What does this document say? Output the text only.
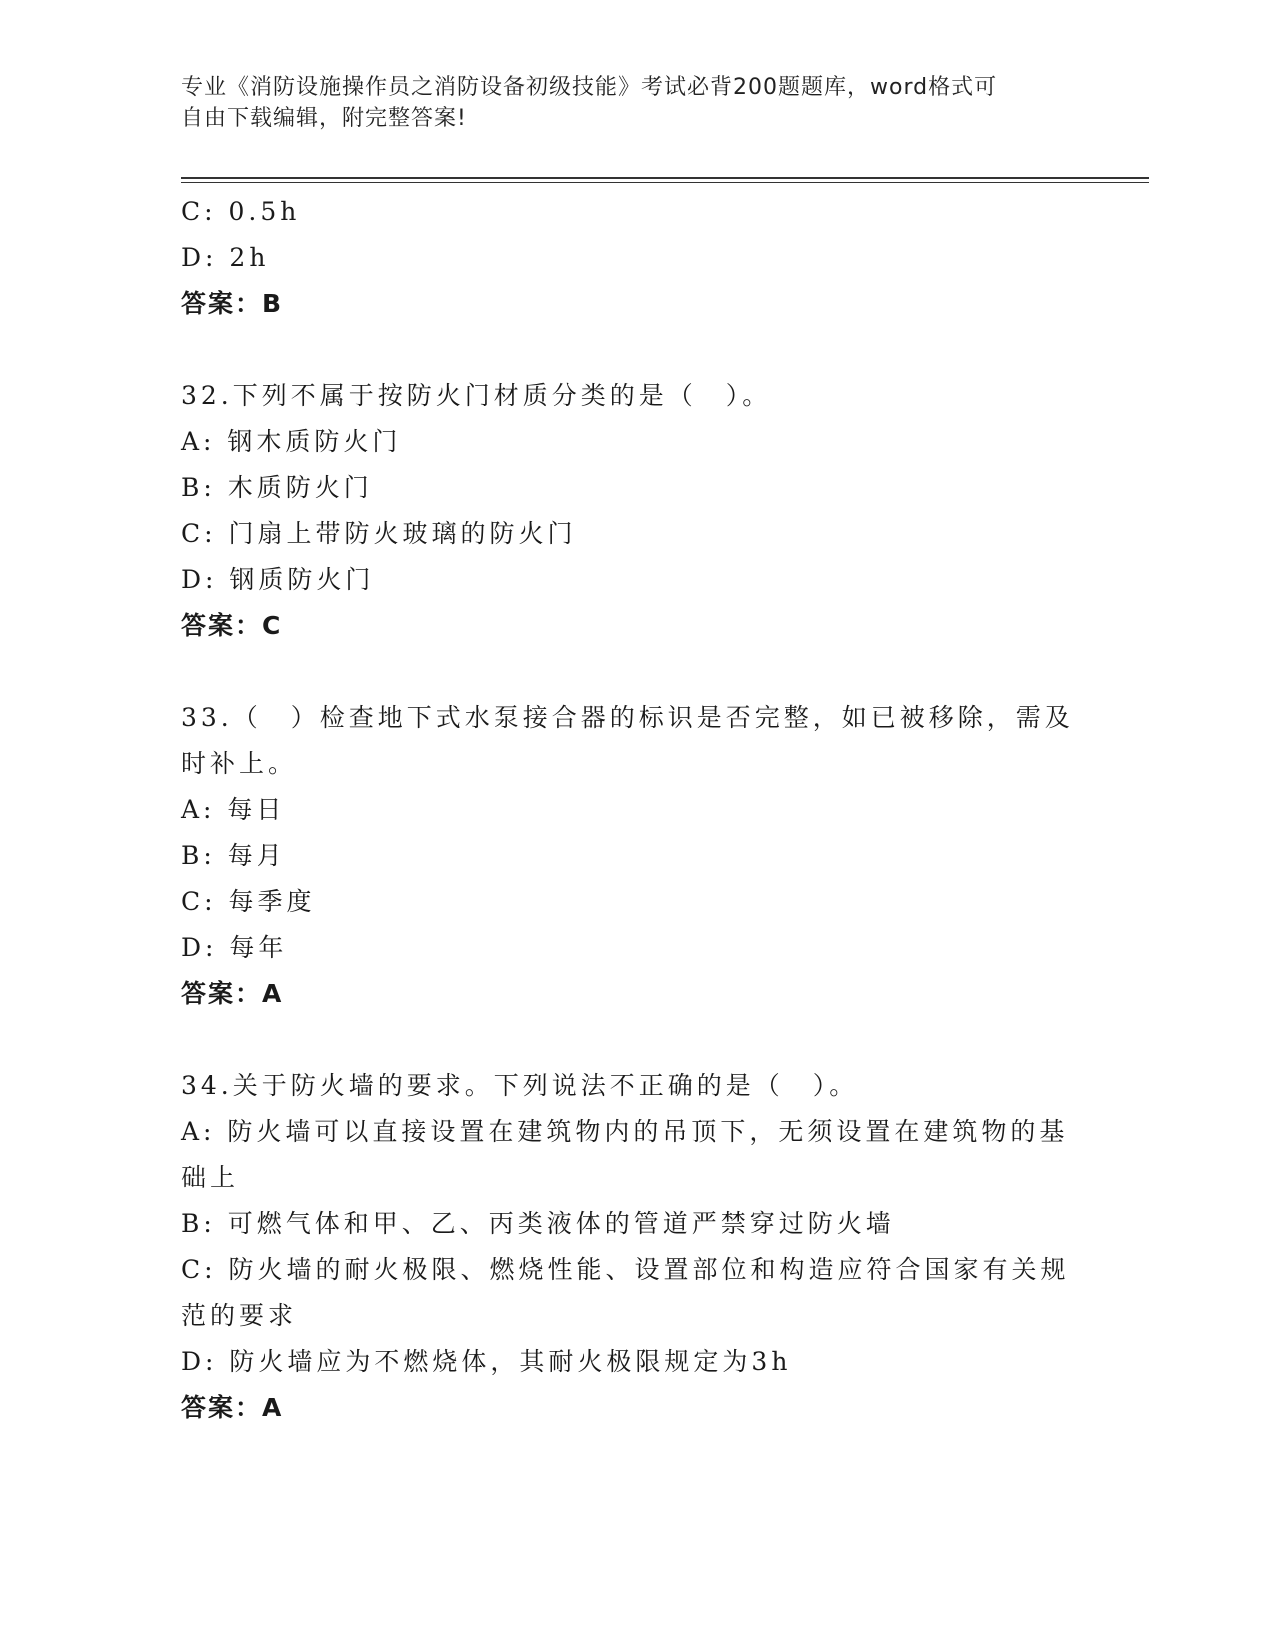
专业《消防设施操作员之消防设备初级技能》考试必背200题题库，word格式可
自由下载编辑，附完整答案!
C: 0.5h
D: 2h
答案：B
32.下列不属于按防火门材质分类的是（　）。
A: 钢木质防火门
B: 木质防火门
C: 门扇上带防火玻璃的防火门
D: 钢质防火门
答案：C
33.（　）检查地下式水泵接合器的标识是否完整，如已被移除，需及
时补上。
A: 每日
B: 每月
C: 每季度
D: 每年
答案：A
34.关于防火墙的要求。下列说法不正确的是（　）。
A: 防火墙可以直接设置在建筑物内的吊顶下，无须设置在建筑物的基
础上
B: 可燃气体和甲、乙、丙类液体的管道严禁穿过防火墙
C: 防火墙的耐火极限、燃烧性能、设置部位和构造应符合国家有关规
范的要求
D: 防火墙应为不燃烧体，其耐火极限规定为3h
答案：A
